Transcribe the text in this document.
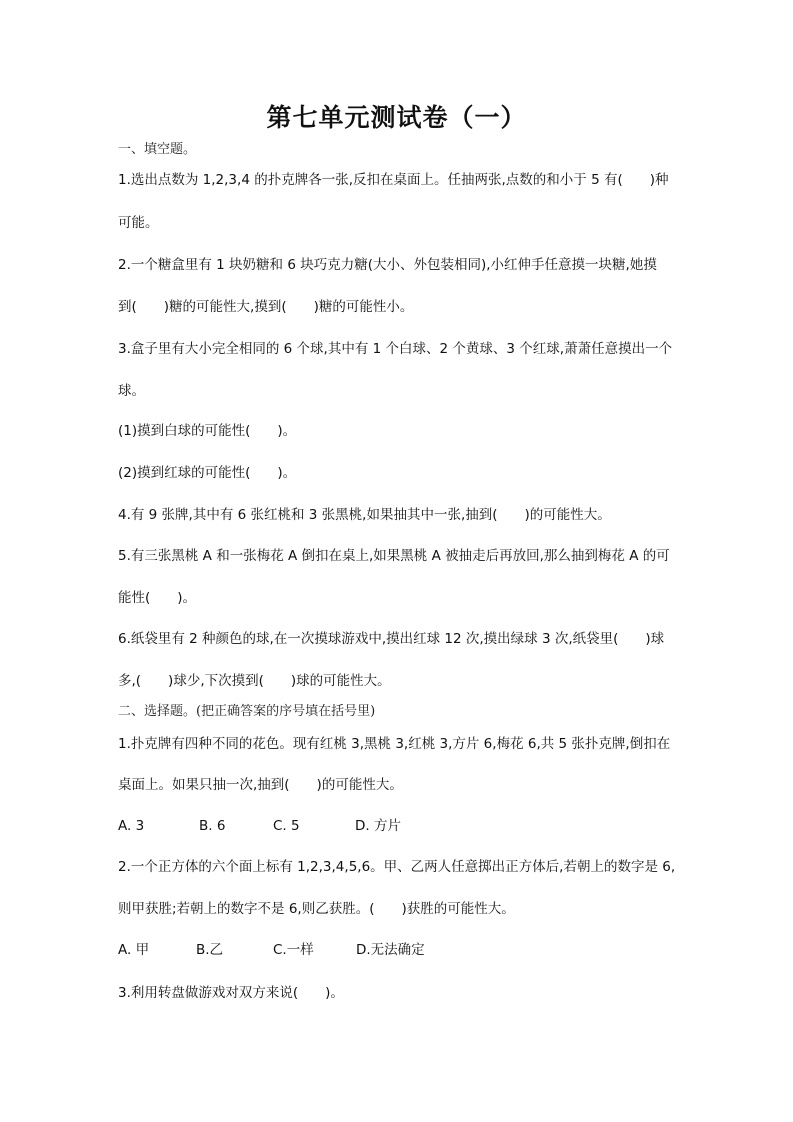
第七单元测试卷（一）
一、填空题。
1.选出点数为 1,2,3,4 的扑克牌各一张,反扣在桌面上。任抽两张,点数的和小于 5 有(　　)种
可能。
2.一个糖盒里有 1 块奶糖和 6 块巧克力糖(大小、外包装相同),小红伸手任意摸一块糖,她摸
到(　　)糖的可能性大,摸到(　　)糖的可能性小。
3.盒子里有大小完全相同的 6 个球,其中有 1 个白球、2 个黄球、3 个红球,萧萧任意摸出一个
球。
(1)摸到白球的可能性(　　)。
(2)摸到红球的可能性(　　)。
4.有 9 张牌,其中有 6 张红桃和 3 张黑桃,如果抽其中一张,抽到(　　)的可能性大。
5.有三张黑桃 A 和一张梅花 A 倒扣在桌上,如果黑桃 A 被抽走后再放回,那么抽到梅花 A 的可
能性(　　)。
6.纸袋里有 2 种颜色的球,在一次摸球游戏中,摸出红球 12 次,摸出绿球 3 次,纸袋里(　　)球
多,(　　)球少,下次摸到(　　)球的可能性大。
二、选择题。(把正确答案的序号填在括号里)
1.扑克牌有四种不同的花色。现有红桃 3,黑桃 3,红桃 3,方片 6,梅花 6,共 5 张扑克牌,倒扣在
桌面上。如果只抽一次,抽到(　　)的可能性大。
A. 3	B. 6	C. 5	D. 方片
2.一个正方体的六个面上标有 1,2,3,4,5,6。甲、乙两人任意掷出正方体后,若朝上的数字是 6,
则甲获胜;若朝上的数字不是 6,则乙获胜。(　　)获胜的可能性大。
A. 甲	B.乙	C.一样	D.无法确定
3.利用转盘做游戏对双方来说(　　)。
